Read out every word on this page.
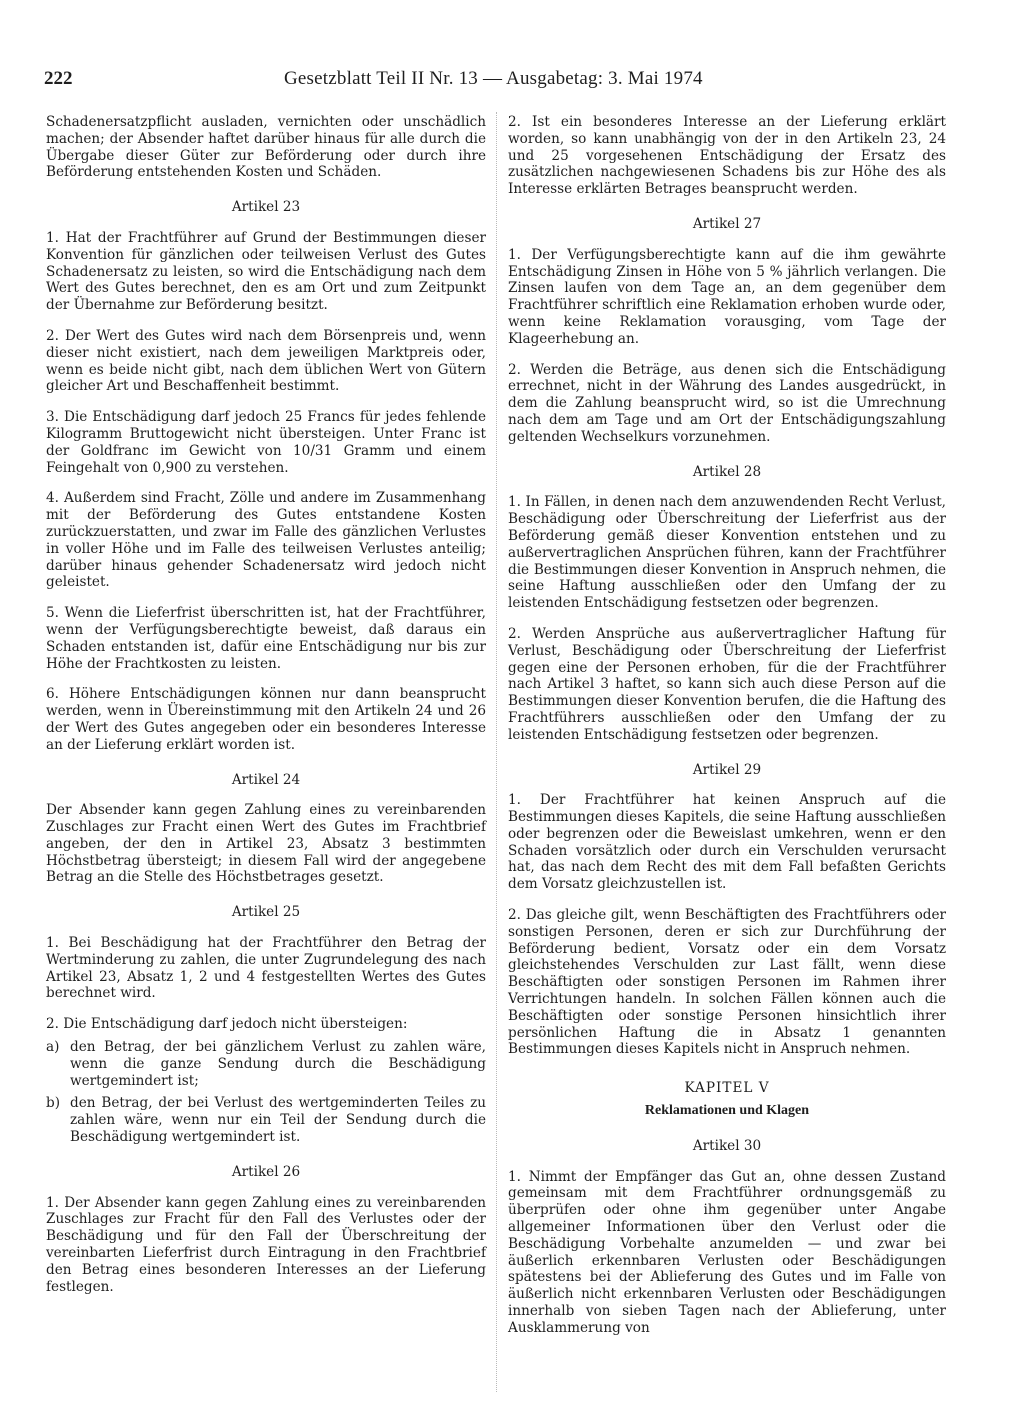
222	Gesetzblatt Teil II Nr. 13 — Ausgabetag: 3. Mai 1974

Schadenersatzpflicht ausladen, vernichten oder unschädlich machen; der Absender haftet darüber hinaus für alle durch die Übergabe dieser Güter zur Beförderung oder durch ihre Beförderung entstehenden Kosten und Schäden.

Artikel 23

1. Hat der Frachtführer auf Grund der Bestimmungen dieser Konvention für gänzlichen oder teilweisen Verlust des Gutes Schadenersatz zu leisten, so wird die Entschädigung nach dem Wert des Gutes berechnet, den es am Ort und zum Zeitpunkt der Übernahme zur Beförderung besitzt.

2. Der Wert des Gutes wird nach dem Börsenpreis und, wenn dieser nicht existiert, nach dem jeweiligen Marktpreis oder, wenn es beide nicht gibt, nach dem üblichen Wert von Gütern gleicher Art und Beschaffenheit bestimmt.

3. Die Entschädigung darf jedoch 25 Francs für jedes fehlende Kilogramm Bruttogewicht nicht übersteigen. Unter Franc ist der Goldfranc im Gewicht von 10/31 Gramm und einem Feingehalt von 0,900 zu verstehen.

4. Außerdem sind Fracht, Zölle und andere im Zusammenhang mit der Beförderung des Gutes entstandene Kosten zurückzuerstatten, und zwar im Falle des gänzlichen Verlustes in voller Höhe und im Falle des teilweisen Verlustes anteilig; darüber hinaus gehender Schadenersatz wird jedoch nicht geleistet.

5. Wenn die Lieferfrist überschritten ist, hat der Frachtführer, wenn der Verfügungsberechtigte beweist, daß daraus ein Schaden entstanden ist, dafür eine Entschädigung nur bis zur Höhe der Frachtkosten zu leisten.

6. Höhere Entschädigungen können nur dann beansprucht werden, wenn in Übereinstimmung mit den Artikeln 24 und 26 der Wert des Gutes angegeben oder ein besonderes Interesse an der Lieferung erklärt worden ist.

Artikel 24

Der Absender kann gegen Zahlung eines zu vereinbarenden Zuschlages zur Fracht einen Wert des Gutes im Frachtbrief angeben, der den in Artikel 23, Absatz 3 bestimmten Höchstbetrag übersteigt; in diesem Fall wird der angegebene Betrag an die Stelle des Höchstbetrages gesetzt.

Artikel 25

1. Bei Beschädigung hat der Frachtführer den Betrag der Wertminderung zu zahlen, die unter Zugrundelegung des nach Artikel 23, Absatz 1, 2 und 4 festgestellten Wertes des Gutes berechnet wird.

2. Die Entschädigung darf jedoch nicht übersteigen:

a) den Betrag, der bei gänzlichem Verlust zu zahlen wäre, wenn die ganze Sendung durch die Beschädigung wertgemindert ist;
b) den Betrag, der bei Verlust des wertgeminderten Teiles zu zahlen wäre, wenn nur ein Teil der Sendung durch die Beschädigung wertgemindert ist.
Artikel 26

1. Der Absender kann gegen Zahlung eines zu vereinbarenden Zuschlages zur Fracht für den Fall des Verlustes oder der Beschädigung und für den Fall der Überschreitung der vereinbarten Lieferfrist durch Eintragung in den Frachtbrief den Betrag eines besonderen Interesses an der Lieferung festlegen.

2. Ist ein besonderes Interesse an der Lieferung erklärt worden, so kann unabhängig von der in den Artikeln 23, 24 und 25 vorgesehenen Entschädigung der Ersatz des zusätzlichen nachgewiesenen Schadens bis zur Höhe des als Interesse erklärten Betrages beansprucht werden.

Artikel 27

1. Der Verfügungsberechtigte kann auf die ihm gewährte Entschädigung Zinsen in Höhe von 5 % jährlich verlangen. Die Zinsen laufen von dem Tage an, an dem gegenüber dem Frachtführer schriftlich eine Reklamation erhoben wurde oder, wenn keine Reklamation vorausging, vom Tage der Klageerhebung an.

2. Werden die Beträge, aus denen sich die Entschädigung errechnet, nicht in der Währung des Landes ausgedrückt, in dem die Zahlung beansprucht wird, so ist die Umrechnung nach dem am Tage und am Ort der Entschädigungszahlung geltenden Wechselkurs vorzunehmen.

Artikel 28

1. In Fällen, in denen nach dem anzuwendenden Recht Verlust, Beschädigung oder Überschreitung der Lieferfrist aus der Beförderung gemäß dieser Konvention entstehen und zu außervertraglichen Ansprüchen führen, kann der Frachtführer die Bestimmungen dieser Konvention in Anspruch nehmen, die seine Haftung ausschließen oder den Umfang der zu leistenden Entschädigung festsetzen oder begrenzen.

2. Werden Ansprüche aus außervertraglicher Haftung für Verlust, Beschädigung oder Überschreitung der Lieferfrist gegen eine der Personen erhoben, für die der Frachtführer nach Artikel 3 haftet, so kann sich auch diese Person auf die Bestimmungen dieser Konvention berufen, die die Haftung des Frachtführers ausschließen oder den Umfang der zu leistenden Entschädigung festsetzen oder begrenzen.

Artikel 29

1. Der Frachtführer hat keinen Anspruch auf die Bestimmungen dieses Kapitels, die seine Haftung ausschließen oder begrenzen oder die Beweislast umkehren, wenn er den Schaden vorsätzlich oder durch ein Verschulden verursacht hat, das nach dem Recht des mit dem Fall befaßten Gerichts dem Vorsatz gleichzustellen ist.

2. Das gleiche gilt, wenn Beschäftigten des Frachtführers oder sonstigen Personen, deren er sich zur Durchführung der Beförderung bedient, Vorsatz oder ein dem Vorsatz gleichstehendes Verschulden zur Last fällt, wenn diese Beschäftigten oder sonstigen Personen im Rahmen ihrer Verrichtungen handeln. In solchen Fällen können auch die Beschäftigten oder sonstige Personen hinsichtlich ihrer persönlichen Haftung die in Absatz 1 genannten Bestimmungen dieses Kapitels nicht in Anspruch nehmen.

KAPITEL V
Reklamationen und Klagen
Artikel 30

1. Nimmt der Empfänger das Gut an, ohne dessen Zustand gemeinsam mit dem Frachtführer ordnungsgemäß zu überprüfen oder ohne ihm gegenüber unter Angabe allgemeiner Informationen über den Verlust oder die Beschädigung Vorbehalte anzumelden — und zwar bei äußerlich erkennbaren Verlusten oder Beschädigungen spätestens bei der Ablieferung des Gutes und im Falle von äußerlich nicht erkennbaren Verlusten oder Beschädigungen innerhalb von sieben Tagen nach der Ablieferung, unter Ausklammerung von
